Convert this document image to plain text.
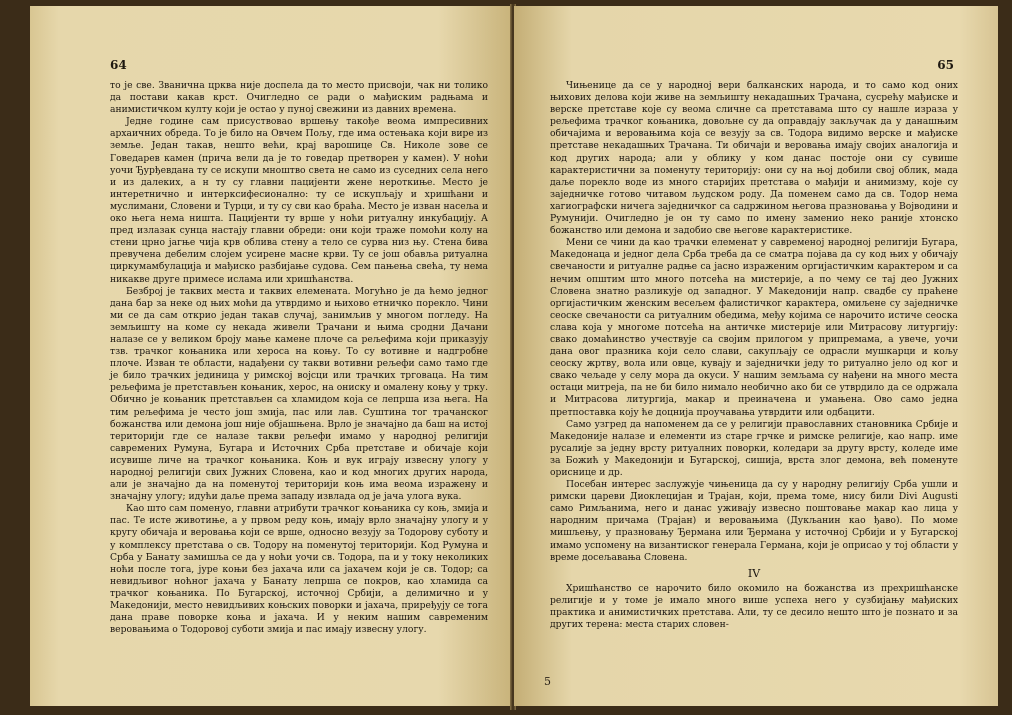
64

то је све. Званична црква није доспела да то место присвоји, чак ни толико да постави какав крст. Очигледно се ради о мађиским радњама и анимистичком култу који је остао у пуној свежини из давних времена.

Једне године сам присуствовао вршењу такође веома импресивних архаичних обреда. То је било на Овчем Пољу, где има остењака који вире из земље. Један такав, нешто већи, крај варошице Св. Николе зове се Говедарев камен (прича вели да је то говедар претворен у камен). У ноћи уочи Ђурђевдана ту се искупи мноштво света не само из суседних села него и из далеких, а н ту су главни пацијенти жене нероткиње. Место је интеретнично и интерксифесионално: ту се искупљају и хришћани и муслимани, Словени и Турци, и ту су сви као браћа. Место је изван насеља и око њега нема ништа. Пацијенти ту врше у ноћи ритуалну инкубацију. А пред излазак сунца настају главни обреди: они који траже помоћи колу на стени црно јагње чија крв облива стену а тело се сурва низ њу. Стена бива превучена дебелим слојем усирене масне крви. Ту се још обавља ритуална циркумамбулација и мађиско разбијање судова. Сем пањења свећа, ту нема никакве друге примесе ислама или хришћанства.

Безброј је таквих места и таквих елемената. Могућно је да ћемо једног дана бар за неке од њих моћи да утврдимо и њихово етничко порекло. Чини ми се да сам открио један такав случај, занимљив у многом погледу. На земљишту на коме су некада живели Трачани и њима сродни Дачани налазе се у великом броју мање камене плоче са рељефима који приказују тзв. трачког коњаника или хероса на коњу. То су вотивне и надгробне плоче. Изван те области, надађени су такви вотивни рељефи само тамо где је било трачких јединица у римској војсци или трачких трговаца. На тим рељефима је претстављен коњаник, херос, на ониску и омалену коњу у трку. Обично је коњаник претстављен са хламидом која се лепрша иза њега. На тим рељефима је често још змија, пас или лав. Суштина тог трачанског божанства или демона још није објашњена. Врло је значајно да баш на истој територији где се налазе такви рељефи имамо у народној религији савремених Румуна, Бугара и Источних Срба претставе и обичаје који исувише личе на трачког коњаника. Коњ и вук играју извесну улогу у народној религији свих Јужних Словена, као и код многих других народа, али је значајно да на поменутој територији коњ има веома изражену и значајну улогу; идући даље према западу извлада од је јача улога вука.

Као што сам поменуо, главни атрибути трачког коњаника су коњ, змија и пас. Те исте животиње, а у првом реду коњ, имају врло значајну улогу и у кругу обичаја и веровања који се врше, односно везују за Тодорову суботу и у комплексу претстава о св. Тодору на поменутој територији. Код Румуна и Срба у Банату замишља се да у ноћи уочи св. Тодора, па и у току неколиких ноћи после тога, јуре коњи без јахача или са јахачем који је св. Тодор; са невидљивог ноћног јахача у Банату лепрша се покров, као хламида са трачког коњаника. По Бугарској, источној Србији, а делимично и у Македонији, место невидљивих коњских поворки и јахача, приређују се тога дана праве поворке коња и јахача. И у неким нашим савременим веровањима о Тодоровој суботи змија и пас имају извесну улогу.

65

Чињенице да се у народној вери балканских народа, и то само код оних њихових делова који живе на земљишту некадашњих Трачана, сусрећу мађиске и верске претставе које су веома сличне са претставама што су нашле израза у рељефима трачког коњаника, довољне су да оправдају закључак да у данашњим обичајима и веровањима која се везују за св. Тодора видимо верске и мађиске претставе некадашњих Трачана. Ти обичаји и веровања имају својих аналогија и код других народа; али у облику у ком данас постоје они су сувише карактеристични за поменуту територију: они су на њој добили свој облик, мада даље порекло воде из много старијих претстава о мађији и анимизму, које су заједничке готово читавом људском роду. Да поменем само да св. Тодор нема хагиографски ничега заједничког са садржином његова празновања у Војводини и Румунији. Очигледно је он ту само по имену заменио неко раније хтонско божанство или демона и задобио све његове карактеристике.

Мени се чини да као трачки елеменат у савременој народној религији Бугара, Македонаца и једног дела Срба треба да се сматра појава да су код њих у обичају свечаности и ритуалне радње са јасно израженим оргијастичким карактером и са нечим општим што много потсећа на мистерије, а по чему се тај део Јужних Словена знатно разликује од западног. У Македонији напр. свадбе су праћене оргијастичким женским весељем фалистичког карактера, омиљене су заједничке сеоске свечаности са ритуалним обедима, међу којима се нарочито истиче сеоска слава која у многоме потсећа на античке мистерије или Митрасову литургију: свако домаћинство учествује са својим прилогом у припремама, а увече, уочи дана овог празника који село слави, сакупљају се одрасли мушкарци и кољу сеоску жртву, вола или овце, кувају и заједнички једу то ритуално јело од ког и свако чељаде у селу мора да окуси. У нашим земљама су нађени на много места остаци митреја, па не би било нимало необично ако би се утврдило да се одржала и Митрасова литургија, макар и преиначена и умањена. Ово само једна претпоставка коју ће доцнија проучавања утврдити или одбацити.

Само узгред да напоменем да се у религији православних становника Србије и Македоније налазе и елементи из старе грчке и римске религије, као напр. име русалије за једну врсту ритуалних поворки, коледари за другу врсту, коледе име за Божић у Македонији и Бугарској, сишија, врста злог демона, већ поменуте ориснице и др.

Посебан интерес заслужује чињеница да су у народну религију Срба ушли и римски цареви Диоклецијан и Трајан, који, према томе, нису били Divi Augusti само Римљанима, него и данас уживају извесно поштовање макар као лица у народним причама (Трајан) и веровањима (Дукљанин као ђаво). По моме мишљењу, у празновању Ђермана или Ђермана у источној Србији и у Бугарској имамо успомену на византиског генерала Германа, који је оприсао у тој области у време досељавања Словена.

IV

Хришћанство се нарочито било окомило на божанства из прехришћанске религије и у томе је имало много више успеха него у сузбијању мађиских практика и анимистичких претстава. Али, ту се десило нешто што је познато и за других терена: места старих словен-

5
